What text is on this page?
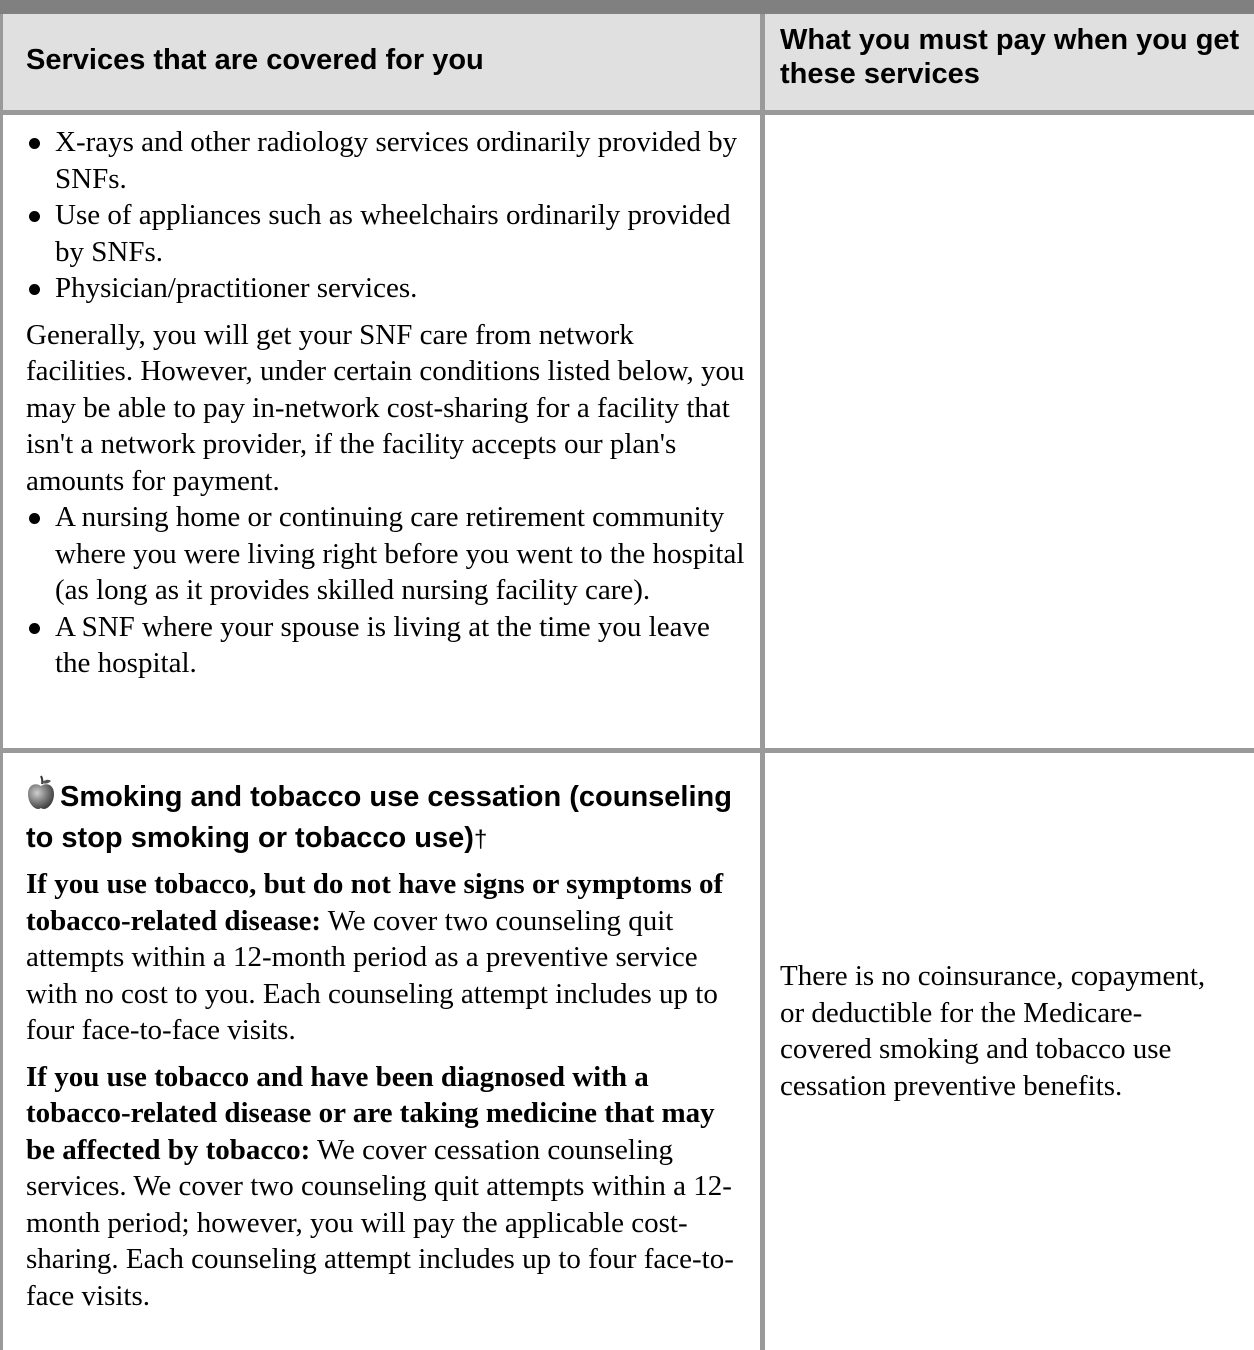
Services that are covered for you
What you must pay when you get these services
X-rays and other radiology services ordinarily provided by SNFs.
Use of appliances such as wheelchairs ordinarily provided by SNFs.
Physician/practitioner services.

Generally, you will get your SNF care from network facilities. However, under certain conditions listed below, you may be able to pay in-network cost-sharing for a facility that isn't a network provider, if the facility accepts our plan's amounts for payment.

A nursing home or continuing care retirement community where you were living right before you went to the hospital (as long as it provides skilled nursing facility care).
A SNF where your spouse is living at the time you leave the hospital.

Smoking and tobacco use cessation (counseling to stop smoking or tobacco use)†

If you use tobacco, but do not have signs or symptoms of tobacco-related disease: We cover two counseling quit attempts within a 12-month period as a preventive service with no cost to you. Each counseling attempt includes up to four face-to-face visits.

If you use tobacco and have been diagnosed with a tobacco-related disease or are taking medicine that may be affected by tobacco: We cover cessation counseling services. We cover two counseling quit attempts within a 12-month period; however, you will pay the applicable cost-sharing. Each counseling attempt includes up to four face-to-face visits.

There is no coinsurance, copayment, or deductible for the Medicare-covered smoking and tobacco use cessation preventive benefits.
